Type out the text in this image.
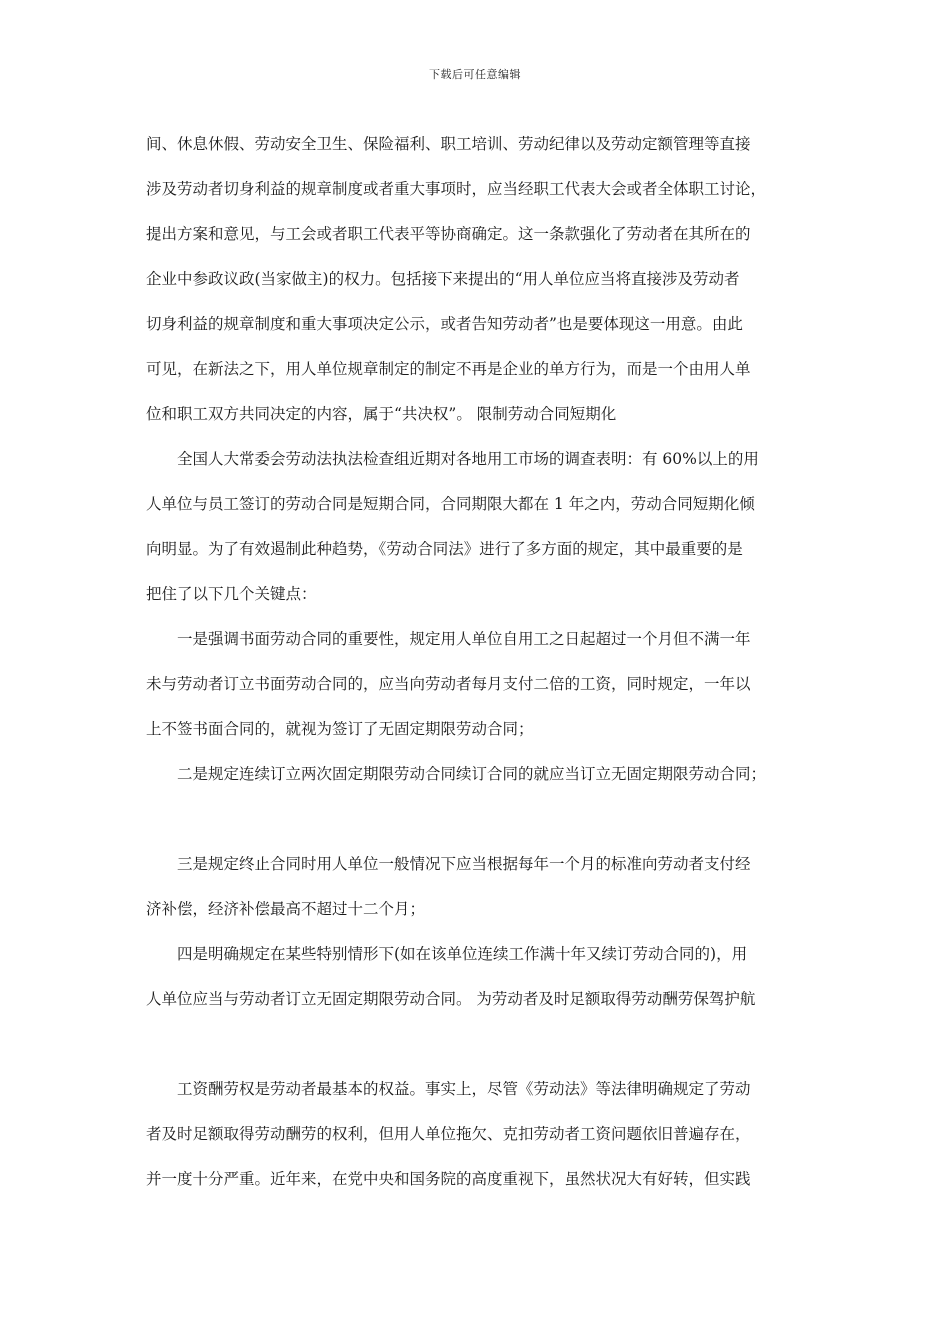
下载后可任意编辑
间、休息休假、劳动安全卫生、保险福利、职工培训、劳动纪律以及劳动定额管理等直接
涉及劳动者切身利益的规章制度或者重大事项时，应当经职工代表大会或者全体职工讨论，
提出方案和意见，与工会或者职工代表平等协商确定。这一条款强化了劳动者在其所在的
企业中参政议政(当家做主)的权力。包括接下来提出的“用人单位应当将直接涉及劳动者
切身利益的规章制度和重大事项决定公示，或者告知劳动者”也是要体现这一用意。由此
可见，在新法之下，用人单位规章制定的制定不再是企业的单方行为，而是一个由用人单
位和职工双方共同决定的内容，属于“共决权”。 限制劳动合同短期化
全国人大常委会劳动法执法检查组近期对各地用工市场的调查表明：有 60%以上的用
人单位与员工签订的劳动合同是短期合同，合同期限大都在 1 年之内，劳动合同短期化倾
向明显。为了有效遏制此种趋势，《劳动合同法》进行了多方面的规定，其中最重要的是
把住了以下几个关键点：
一是强调书面劳动合同的重要性，规定用人单位自用工之日起超过一个月但不满一年
未与劳动者订立书面劳动合同的，应当向劳动者每月支付二倍的工资，同时规定，一年以
上不签书面合同的，就视为签订了无固定期限劳动合同；
二是规定连续订立两次固定期限劳动合同续订合同的就应当订立无固定期限劳动合同；
三是规定终止合同时用人单位一般情况下应当根据每年一个月的标准向劳动者支付经
济补偿，经济补偿最高不超过十二个月；
四是明确规定在某些特别情形下(如在该单位连续工作满十年又续订劳动合同的)，用
人单位应当与劳动者订立无固定期限劳动合同。 为劳动者及时足额取得劳动酬劳保驾护航
工资酬劳权是劳动者最基本的权益。事实上，尽管《劳动法》等法律明确规定了劳动
者及时足额取得劳动酬劳的权利，但用人单位拖欠、克扣劳动者工资问题依旧普遍存在，
并一度十分严重。近年来，在党中央和国务院的高度重视下，虽然状况大有好转，但实践
